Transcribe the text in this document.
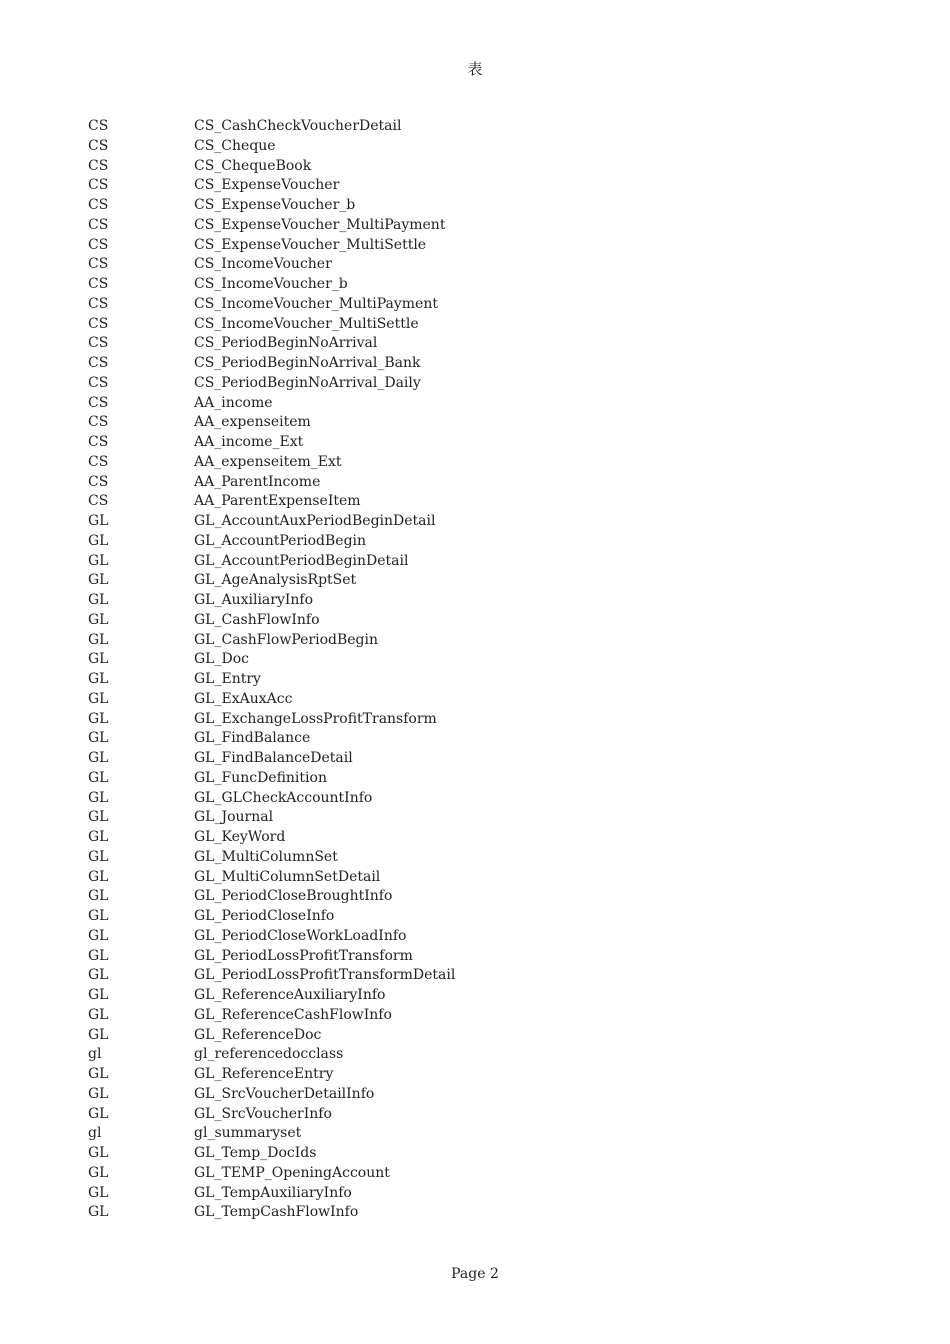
表
CS	CS_CashCheckVoucherDetail
CS	CS_Cheque
CS	CS_ChequeBook
CS	CS_ExpenseVoucher
CS	CS_ExpenseVoucher_b
CS	CS_ExpenseVoucher_MultiPayment
CS	CS_ExpenseVoucher_MultiSettle
CS	CS_IncomeVoucher
CS	CS_IncomeVoucher_b
CS	CS_IncomeVoucher_MultiPayment
CS	CS_IncomeVoucher_MultiSettle
CS	CS_PeriodBeginNoArrival
CS	CS_PeriodBeginNoArrival_Bank
CS	CS_PeriodBeginNoArrival_Daily
CS	AA_income
CS	AA_expenseitem
CS	AA_income_Ext
CS	AA_expenseitem_Ext
CS	AA_ParentIncome
CS	AA_ParentExpenseItem
GL	GL_AccountAuxPeriodBeginDetail
GL	GL_AccountPeriodBegin
GL	GL_AccountPeriodBeginDetail
GL	GL_AgeAnalysisRptSet
GL	GL_AuxiliaryInfo
GL	GL_CashFlowInfo
GL	GL_CashFlowPeriodBegin
GL	GL_Doc
GL	GL_Entry
GL	GL_ExAuxAcc
GL	GL_ExchangeLossProfitTransform
GL	GL_FindBalance
GL	GL_FindBalanceDetail
GL	GL_FuncDefinition
GL	GL_GLCheckAccountInfo
GL	GL_Journal
GL	GL_KeyWord
GL	GL_MultiColumnSet
GL	GL_MultiColumnSetDetail
GL	GL_PeriodCloseBroughtInfo
GL	GL_PeriodCloseInfo
GL	GL_PeriodCloseWorkLoadInfo
GL	GL_PeriodLossProfitTransform
GL	GL_PeriodLossProfitTransformDetail
GL	GL_ReferenceAuxiliaryInfo
GL	GL_ReferenceCashFlowInfo
GL	GL_ReferenceDoc
gl	gl_referencedocclass
GL	GL_ReferenceEntry
GL	GL_SrcVoucherDetailInfo
GL	GL_SrcVoucherInfo
gl	gl_summaryset
GL	GL_Temp_DocIds
GL	GL_TEMP_OpeningAccount
GL	GL_TempAuxiliaryInfo
GL	GL_TempCashFlowInfo
Page 2
